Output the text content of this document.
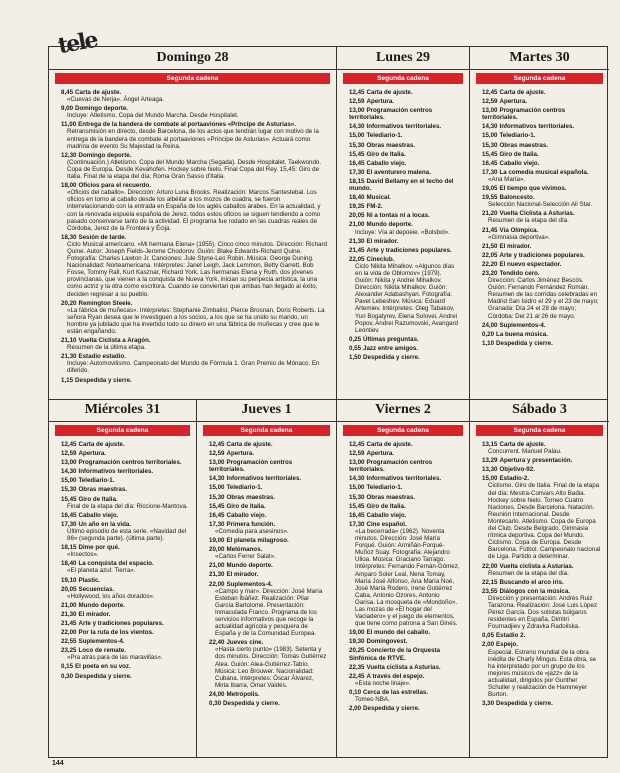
tele	Domingo 28
Segunda cadena
8,45 Carta de ajuste.
«Cuevas de Nerja». Ángel Arteaga.
9,00 Domingo deporte.
Incluye: Atletismo. Copa del Mundo Marcha. Desde Hospitalet.
11,00 Entrega de la bandera de combate al portaaviones «Príncipe de Asturias».
Retransmisión en directo, desde Barcelona, de los actos que tendrán lugar con motivo de la entrega de la bandera de combate al portaaviones «Príncipe de Asturias». Actuará como madrina de evento Su Majestad la Reina.
12,30 Domingo deporte.
(Continuación.) Atletismo. Copa del Mundo Marcha (Segada). Desde Hospitalet. Taekwondo. Copa de Europa. Desde Kevahofen. Hockey sobre hielo. Final Copa del Rey. 15,45: Giro de Italia. Final de la etapa del día: Roma Gran Sasso d'Italia.
18,00 Oficios para el recuerdo.
«Oficios del caballo». Dirección: Arturo Luna Brooks. Realización: Marcos Santestebal. Los oficios en torno al caballo desde los albéitar a los mozos de cuadra, se fueron interrelacionando con la entrada en España de los aglés caballos árabes. En la actualidad, y con la renovada espuela española de Jerez, todos estos oficios se siguen tendiendo a como pasado conservarse tanto de la actividad. El programa fue rodado en las cuadras reales de Córdoba, Jerez de la Frontera y Écija.
18,30 Sesión de tarde.
Ciclo Musical americano. «Mi hermana Elena» (1955). Cinco cinco minutos. Dirección: Richard Quine. Autor: Joseph Fields-Jerome Chodorov. Guión: Blake Edwards-Richard Quine. Fotografía: Charles Lawton Jr. Canciones: Jule Styne-Leo Robin. Música: George Duning. Nacionalidad: Norteamericana. Intérpretes: Janet Leigh, Jack Lemmon, Betty Garrett, Bob Fosse, Tommy Rall, Kurt Kasznar, Richard York. Las hermanas Elena y Ruth, dos jóvenes provincianas, que vienen a la conquista de Nueva York, inician su peripecia artística, la una como actriz y la otra como escritora. Cuando se conviertan que ambas han llegado al éxito, deciden regresar a su pueblo.
20,20 Remington Steele.
«La fábrica de muñecas». Intérpretes: Stephanie Zimbalist, Pierce Brosnan, Doris Roberts. La señora Ryan desea que le investiguen a los socios, a los que se ha unido su marido, un hombre ya jubilado que ha invertido todo su dinero en una fábrica de muñecas y cree que le están engañando.
21,10 Vuelta Ciclista a Aragón.
Resumen de la última etapa.
21,30 Estadio estadio.
Incluye: Automovilismo. Campeonato del Mundo de Fórmula 1. Gran Premio de Mónaco. En diferido.
1,15 Despedida y cierre.
Lunes 29
Segunda cadena
12,45 Carta de ajuste.
12,59 Apertura.
13,00 Programación centros territoriales.
14,30 Informativos territoriales.
15,00 Telediario-1.
15,30 Obras maestras.
15,45 Giro de Italia.
16,45 Caballo viejo.
17,30 El aventurero malena.
18,15 David Bellamy en el techo del mundo.
18,40 Musical.
19,35 FM-2.
20,05 Ni a tontas ni a locas.
21,00 Mundo deporte.
Incluye: Vía al depoeie. «Bolsbol».
21,30 El mirador.
21,45 Arte y tradiciones populares.
22,05 Cineclub.
Ciclo Nikita Mihalkov. «Algunos días en la vida de Oblomov» (1979). Guión: Nikita y Andrei Mihalkov. Dirección: Nikita Mihalkov. Guión: Alexander Adabashyan. Fotografía: Pavel Lebeshev. Música: Eduard Artemiev. Intérpretes: Oleg Tabakov, Yuri Bogatyrev, Elena Solovei, Andrei Popov, Andrei Razumovski, Avangard Leontiev.
0,25 Últimas preguntas.
0,55 Jazz entre amigos.
1,50 Despedida y cierre.
Martes 30
Segunda cadena
12,45 Carta de ajuste.
12,59 Apertura.
13,00 Programación centros territoriales.
14,30 Informativos territoriales.
15,00 Telediario-1.
15,30 Obras maestras.
15,45 Giro de Italia.
16,45 Caballo viejo.
17,30 La comedia musical española.
«Ana María».
19,05 El tiempo que vivimos.
19,55 Baloncesto.
Selección Nacional-Selección All Star.
21,20 Vuelta Ciclista a Asturias.
Resumen de la etapa del día.
21,45 Vía Olímpica.
«Gimnasia deportiva».
21,50 El mirador.
22,05 Arte y tradiciones populares.
22,20 El nuevo espectador.
23,20 Tendido cero.
Dirección: Carlos Jiménez Bescós. Guión: Fernando Fernández Román. Resumen de las corridas celebradas en Madrid San Isidro el 29 y el 23 de mayo; Granada: Día 24 el 28 de mayo; Córdoba: Del 21 al 26 de mayo.
24,00 Suplementos-4.
0,20 La buena música.
1,10 Despedida y cierre.
Miércoles 31
Segunda cadena
12,45 Carta de ajuste.
12,59 Apertura.
13,00 Programación centros territoriales.
14,30 Informativos territoriales.
15,00 Telediario-1.
15,30 Obras maestras.
15,45 Giro de Italia.
Final de la etapa del día: Riccione-Mantova.
16,45 Caballo viejo.
17,30 Un año en la vida.
Último episodio de esta serie. «Navidad del 86» (segunda parte). (última parte).
18,15 Dime por qué.
«Insectos».
18,40 La conquista del espacio.
«El planeta azul: Tierra».
19,10 Plastic.
20,05 Secuencias.
«Hollywood, los años dorados».
21,00 Mundo deporte.
21,30 El mirador.
21,45 Arte y tradiciones populares.
22,00 Por la ruta de los vientos.
22,55 Suplementos-4.
23,25 Loco de remate.
«Pra atrás para de las maravillas».
0,15 El poeta en su voz.
0,30 Despedida y cierre.
Jueves 1
Segunda cadena
12,45 Carta de ajuste.
12,59 Apertura.
13,00 Programación centros territoriales.
14,30 Informativos territoriales.
15,00 Telediario-1.
15,30 Obras maestras.
15,45 Giro de Italia.
16,45 Caballo viejo.
17,30 Primera función.
«Comedia para asesinos».
19,00 El planeta milagroso.
20,00 Melómanos.
«Carlos Ferrer Salat».
21,00 Mundo deporte.
21,30 El mirador.
22,00 Suplementos-4.
«Campo y mar». Dirección: José María Esteban Ibáñez. Realización: Pilar García Bartolomé. Presentación: Inmaculada Franco. Programa de los servicios informativos que recoge la actualidad agrícola y pesquera de España y de la Comunidad Europea.
22,40 Jueves cine.
«Hasta cierto punto» (1983). Setenta y dos minutos. Dirección: Tomás Gutiérrez Alea. Guión: Alea-Gutiérrez-Tabío. Música: Leo Brouwer. Nacionalidad: Cubana. Intérpretes: Óscar Álvarez, Mirta Ibarra, Omar Valdés.
24,00 Metrópolis.
0,30 Despedida y cierre.
Viernes 2
Segunda cadena
12,45 Carta de ajuste.
12,59 Apertura.
13,00 Programación centros territoriales.
14,30 Informativos territoriales.
15,00 Telediario-1.
15,30 Obras maestras.
15,45 Giro de Italia.
16,45 Caballo viejo.
17,30 Cine español.
«La becerrada» (1962). Noventa minutos. Dirección: José María Forqué. Guión: Armiñán-Forqué-Muñoz Suay. Fotografía: Alejandro Ulloa. Música: Graciano Tarrago. Intérpretes: Fernando Fernán-Gómez, Amparo Soler Leal, Nena Tomay, María José Alfonso, Ana María Noé, José María Rodero, Irene Gutiérrez Caba, Antonio Ozores, Antonio Garisa. La mosqueta de «Mondoño». Las mozas de «El hogar del Vaciadero» y el juego de elementos, que tiene como patrona a San Ginés.
19,00 El mundo del caballo.
19,30 Domingovest.
20,25 Concierto de la Orquesta Sinfónica de RTVE.
22,35 Vuelta ciclista a Asturias.
22,45 A través del espejo.
«Esta noche linaje».
0,10 Cerca de las estrellas.
Tomeo NBA.
2,00 Despedida y cierre.
Sábado 3
Segunda cadena
13,15 Carta de ajuste.
Concurrent. Manuel Palau.
13,29 Apertura y presentación.
13,30 Objetivo-92.
15,00 Estadio-2.
Ciclismo. Giro de Italia. Final de la etapa del día: Mestra-Convars Alto Badia. Hockey sobre hielo. Torneo Cuatro Naciones. Desde Barcelona. Natación. Reunión Internacional. Desde Montecarlo. Atletismo. Copa de Europa del Club. Desde Belgrado. Gimnasia rítmica deportiva. Copa del Mundo. Ciclismo. Copa de Europa. Desde Barcelona. Fútbol. Campeonato nacional de Liga. Partido a determinar.
22,00 Vuelta ciclista a Asturias.
Resumen de la etapa del día.
22,15 Buscando el arco iris.
23,55 Diálogos con la música.
Dirección y presentación: Andrés Ruiz Tarazona. Realización: José Luis López Pérez García. Dos solistas búlgaros residentes en España, Dimitri Fournadjiev y Zdravka Radoilska.
0,05 Estadio 2.
2,00 Espejo.
Especial. Estreno mundial de la obra inédita de Charly Mingus. Esta obra, se ha interpretado por un grupo de los mejores músicos de «jazz» de la actualidad, dirigidos por Gunther Schuller y realización de Hammeyer Burton.
3,30 Despedida y cierre.
144
